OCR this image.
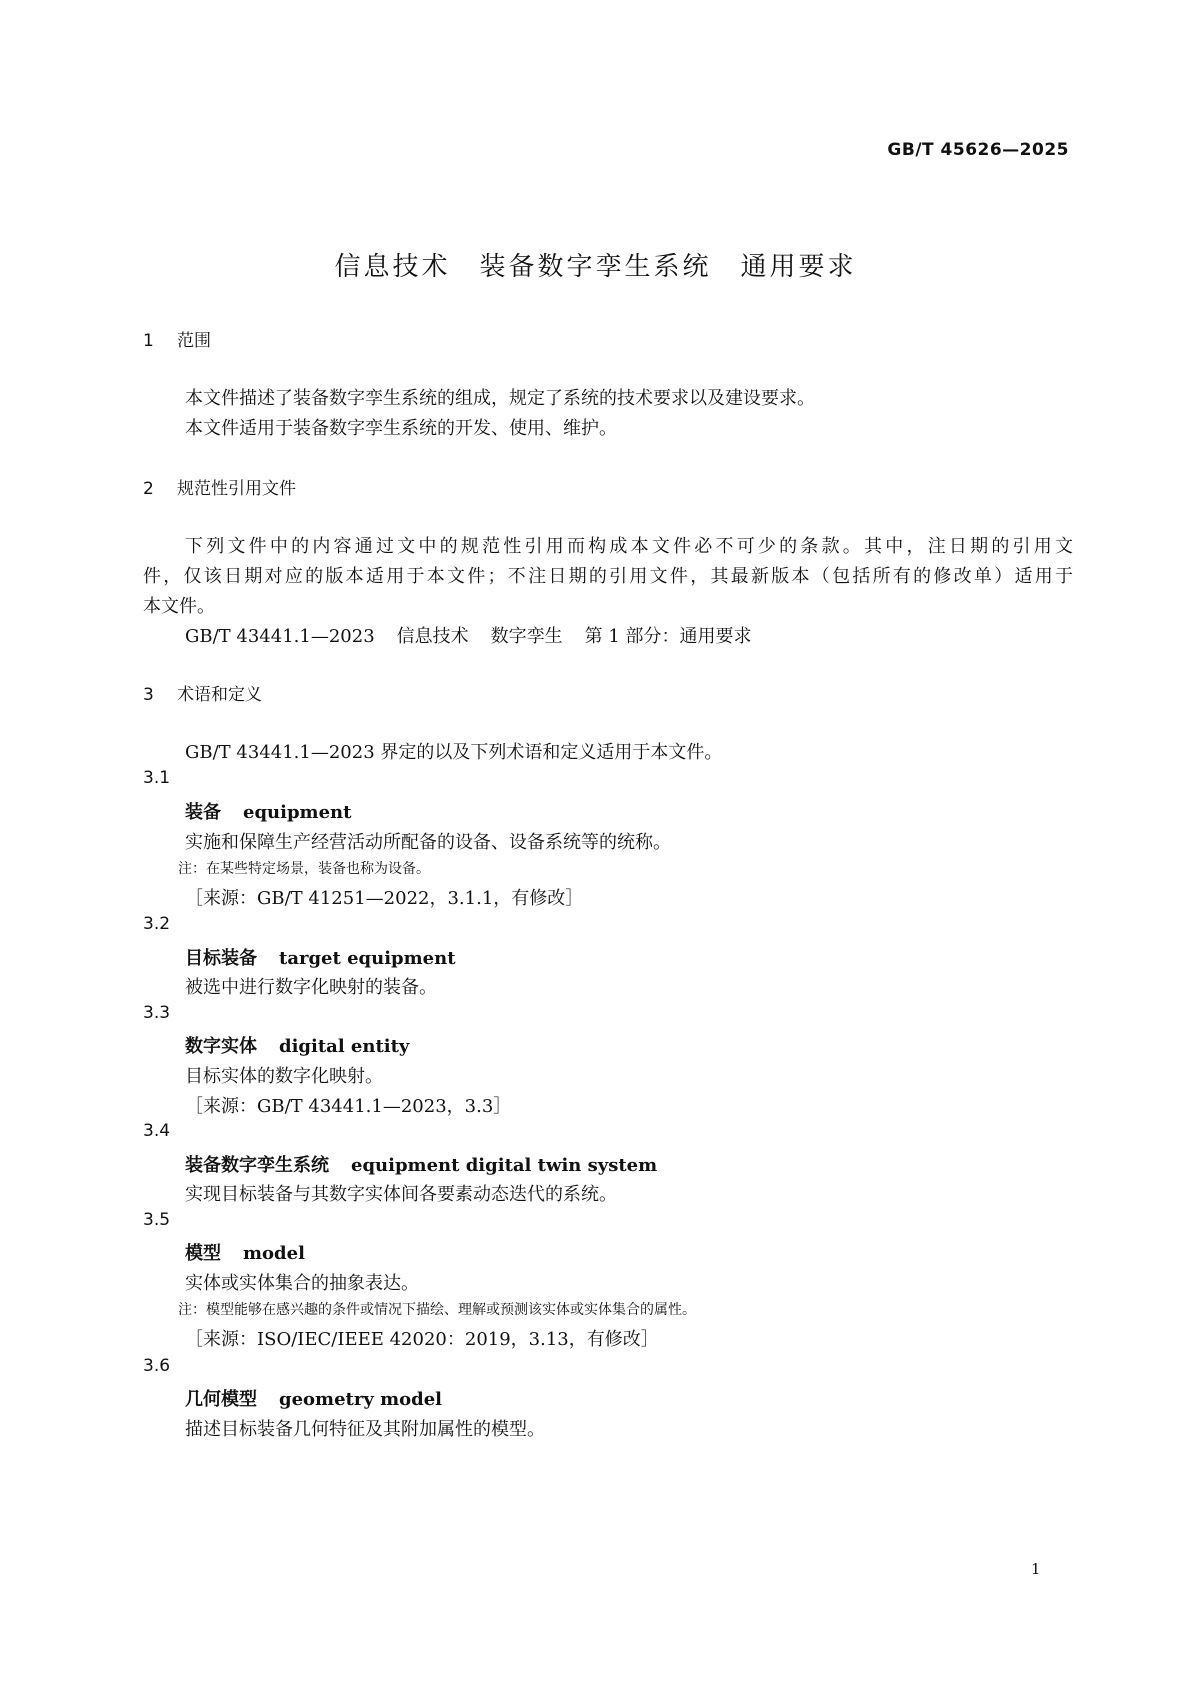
GB/T 45626—2025
信息技术　装备数字孪生系统　通用要求
1 范围
本文件描述了装备数字孪生系统的组成，规定了系统的技术要求以及建设要求。
本文件适用于装备数字孪生系统的开发、使用、维护。
2 规范性引用文件
下列文件中的内容通过文中的规范性引用而构成本文件必不可少的条款。其中，注日期的引用文
件，仅该日期对应的版本适用于本文件；不注日期的引用文件，其最新版本（包括所有的修改单）适用于
本文件。
GB/T 43441.1—2023 信息技术 数字孪生 第 1 部分：通用要求
3 术语和定义
GB/T 43441.1—2023 界定的以及下列术语和定义适用于本文件。
3.1
装备 equipment
实施和保障生产经营活动所配备的设备、设备系统等的统称。
注：在某些特定场景，装备也称为设备。
［来源：GB/T 41251—2022，3.1.1，有修改］
3.2
目标装备 target equipment
被选中进行数字化映射的装备。
3.3
数字实体 digital entity
目标实体的数字化映射。
［来源：GB/T 43441.1—2023，3.3］
3.4
装备数字孪生系统 equipment digital twin system
实现目标装备与其数字实体间各要素动态迭代的系统。
3.5
模型 model
实体或实体集合的抽象表达。
注：模型能够在感兴趣的条件或情况下描绘、理解或预测该实体或实体集合的属性。
［来源：ISO/IEC/IEEE 42020：2019，3.13，有修改］
3.6
几何模型 geometry model
描述目标装备几何特征及其附加属性的模型。
1
